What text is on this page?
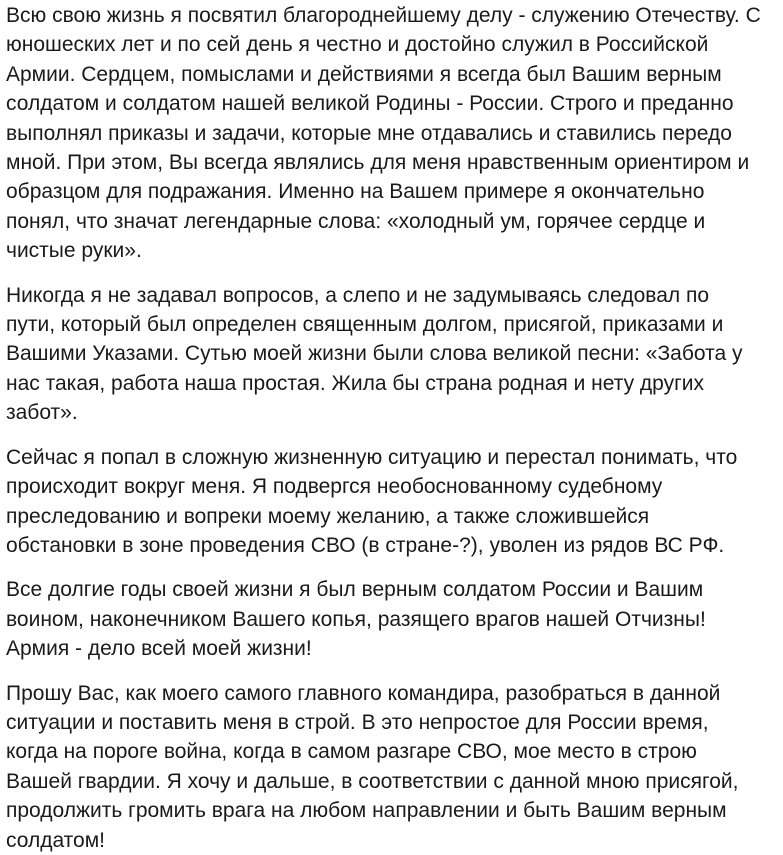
Всю свою жизнь я посвятил благороднейшему делу - служению Отечеству. С
юношеских лет и по сей день я честно и достойно служил в Российской
Армии. Сердцем, помыслами и действиями я всегда был Вашим верным
солдатом и солдатом нашей великой Родины - России. Строго и преданно
выполнял приказы и задачи, которые мне отдавались и ставились передо
мной. При этом, Вы всегда являлись для меня нравственным ориентиром и
образцом для подражания. Именно на Вашем примере я окончательно
понял, что значат легендарные слова: «холодный ум, горячее сердце и
чистые руки».

Никогда я не задавал вопросов, а слепо и не задумываясь следовал по
пути, который был определен священным долгом, присягой, приказами и
Вашими Указами. Сутью моей жизни были слова великой песни: «Забота у
нас такая, работа наша простая. Жила бы страна родная и нету других
забот».

Сейчас я попал в сложную жизненную ситуацию и перестал понимать, что
происходит вокруг меня. Я подвергся необоснованному судебному
преследованию и вопреки моему желанию, а также сложившейся
обстановки в зоне проведения СВО (в стране-?), уволен из рядов ВС РФ.

Все долгие годы своей жизни я был верным солдатом России и Вашим
воином, наконечником Вашего копья, разящего врагов нашей Отчизны!
Армия - дело всей моей жизни!

Прошу Вас, как моего самого главного командира, разобраться в данной
ситуации и поставить меня в строй. В это непростое для России время,
когда на пороге война, когда в самом разгаре СВО, мое место в строю
Вашей гвардии. Я хочу и дальше, в соответствии с данной мною присягой,
продолжить громить врага на любом направлении и быть Вашим верным
солдатом!
